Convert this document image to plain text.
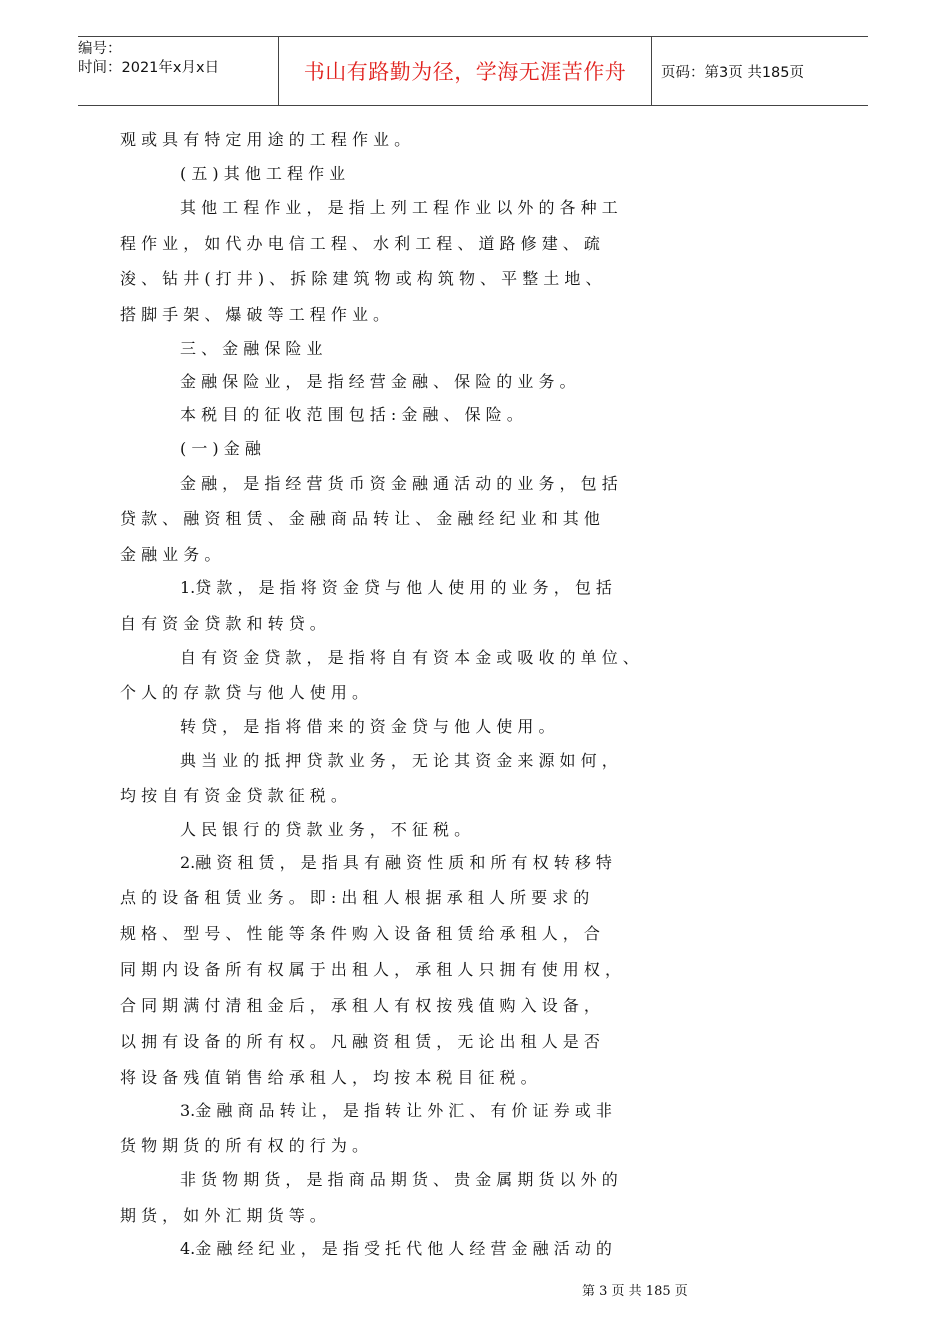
编号：
时间：2021年x月x日	书山有路勤为径，学海无涯苦作舟	页码：第3页 共185页
观 或 具 有 特 定 用 途 的 工 程 作 业 。
( 五 ) 其 他 工 程 作 业
其 他 工 程 作 业 ， 是 指 上 列 工 程 作 业 以 外 的 各 种 工
程 作 业 ， 如 代 办 电 信 工 程 、 水 利 工 程 、 道 路 修 建 、 疏
浚 、 钻 井 ( 打 井 ) 、 拆 除 建 筑 物 或 构 筑 物 、 平 整 土 地 、
搭 脚 手 架 、 爆 破 等 工 程 作 业 。
三 、 金 融 保 险 业
金 融 保 险 业 ， 是 指 经 营 金 融 、 保 险 的 业 务 。
本 税 目 的 征 收 范 围 包 括 : 金 融 、 保 险 。
( 一 ) 金 融
金 融 ， 是 指 经 营 货 币 资 金 融 通 活 动 的 业 务 ， 包 括
贷 款 、 融 资 租 赁 、 金 融 商 品 转 让 、 金 融 经 纪 业 和 其 他
金 融 业 务 。
1.贷 款 ， 是 指 将 资 金 贷 与 他 人 使 用 的 业 务 ， 包 括
自 有 资 金 贷 款 和 转 贷 。
自 有 资 金 贷 款 ， 是 指 将 自 有 资 本 金 或 吸 收 的 单 位 、
个 人 的 存 款 贷 与 他 人 使 用 。
转 贷 ， 是 指 将 借 来 的 资 金 贷 与 他 人 使 用 。
典 当 业 的 抵 押 贷 款 业 务 ， 无 论 其 资 金 来 源 如 何 ，
均 按 自 有 资 金 贷 款 征 税 。
人 民 银 行 的 贷 款 业 务 ， 不 征 税 。
2.融 资 租 赁 ， 是 指 具 有 融 资 性 质 和 所 有 权 转 移 特
点 的 设 备 租 赁 业 务 。 即 : 出 租 人 根 据 承 租 人 所 要 求 的
规 格 、 型 号 、 性 能 等 条 件 购 入 设 备 租 赁 给 承 租 人 ， 合
同 期 内 设 备 所 有 权 属 于 出 租 人 ， 承 租 人 只 拥 有 使 用 权 ，
合 同 期 满 付 清 租 金 后 ， 承 租 人 有 权 按 残 值 购 入 设 备 ，
以 拥 有 设 备 的 所 有 权 。 凡 融 资 租 赁 ， 无 论 出 租 人 是 否
将 设 备 残 值 销 售 给 承 租 人 ， 均 按 本 税 目 征 税 。
3.金 融 商 品 转 让 ， 是 指 转 让 外 汇 、 有 价 证 券 或 非
货 物 期 货 的 所 有 权 的 行 为 。
非 货 物 期 货 ， 是 指 商 品 期 货 、 贵 金 属 期 货 以 外 的
期 货 ， 如 外 汇 期 货 等 。
4.金 融 经 纪 业 ， 是 指 受 托 代 他 人 经 营 金 融 活 动 的
第 3 页 共 185 页
